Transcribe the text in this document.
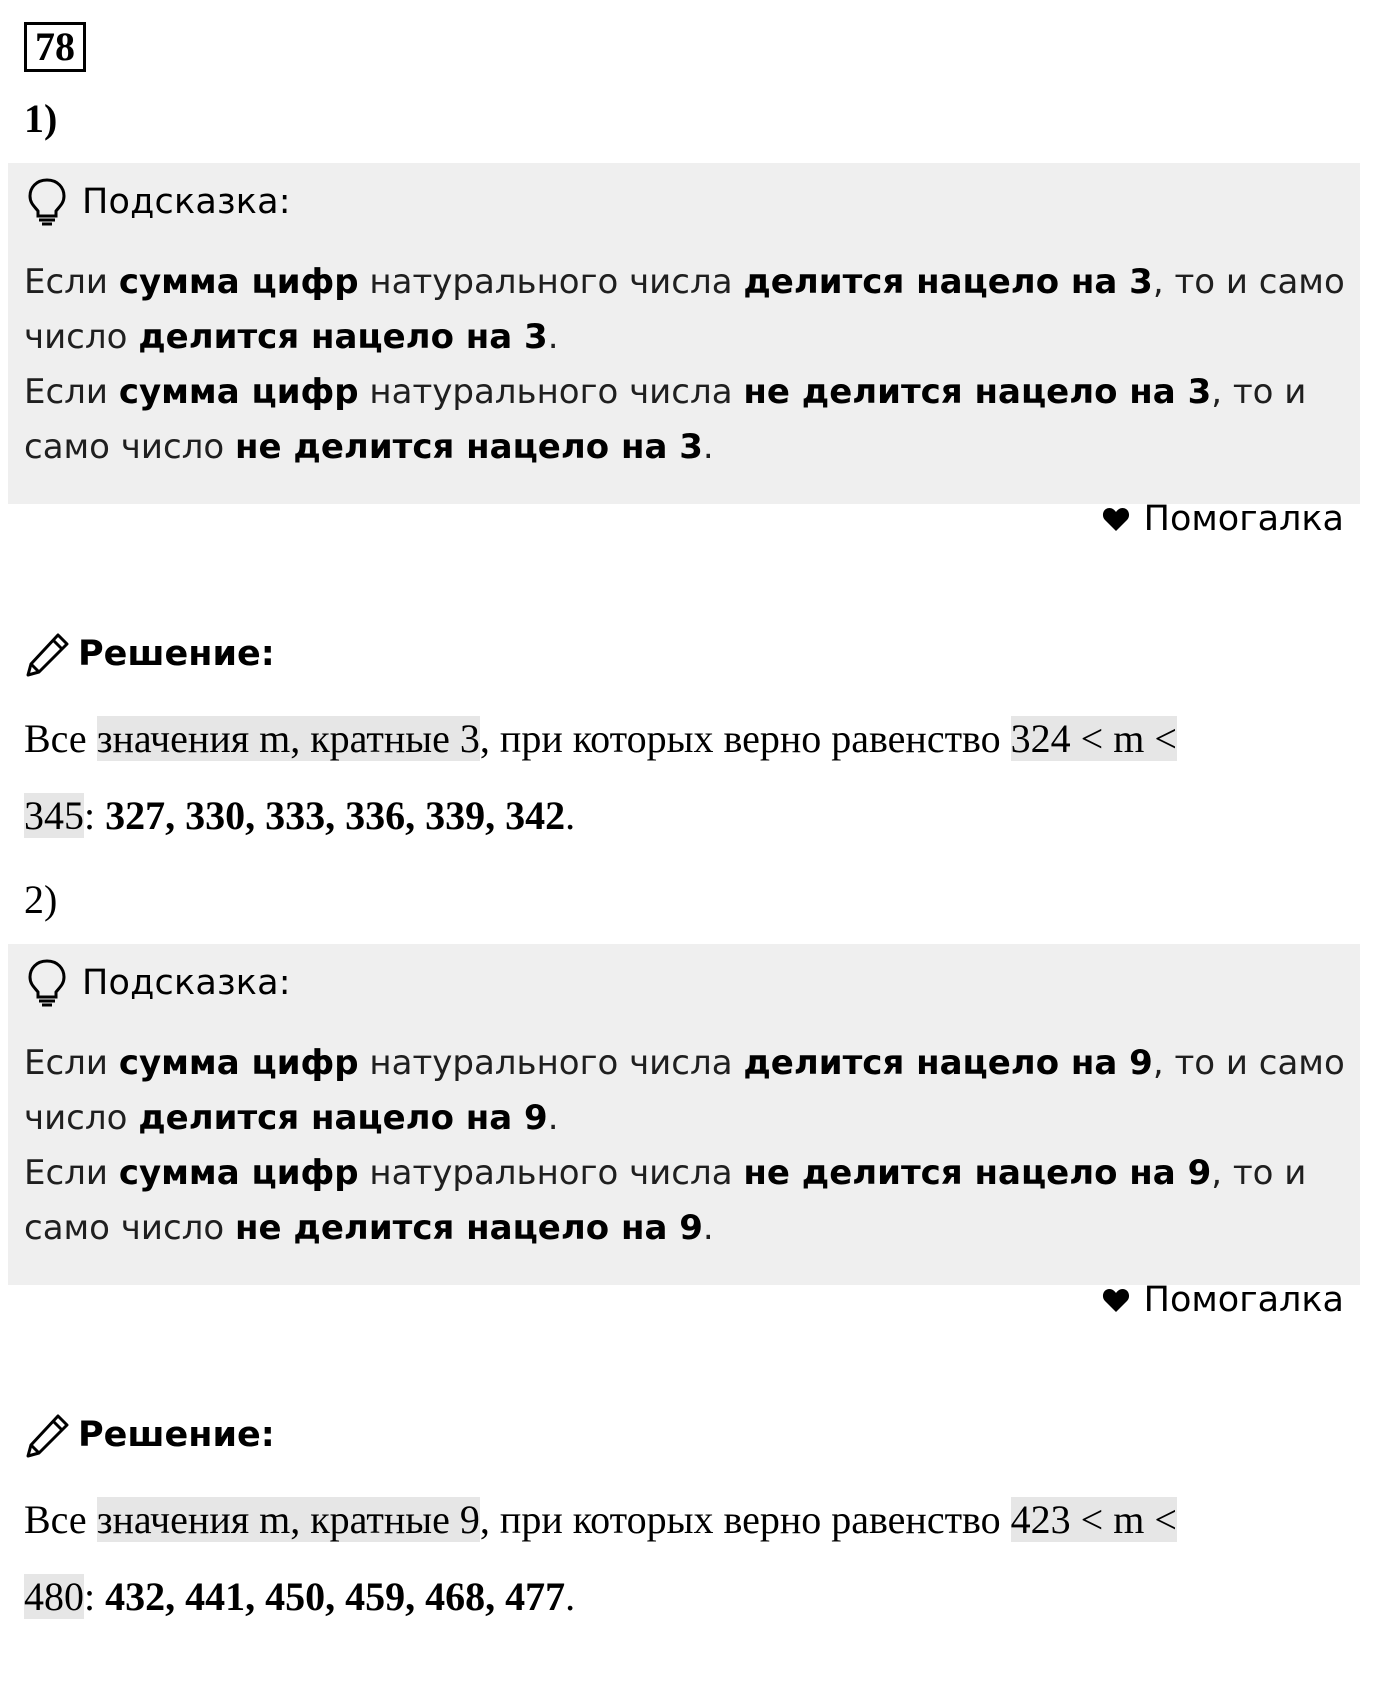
78
1)
Подсказка:
Если сумма цифр натурального числа делится нацело на 3, то и само
число делится нацело на 3.
Если сумма цифр натурального числа не делится нацело на 3, то и
само число не делится нацело на 3.
Помогалка
Решение:
Все значения m, кратные 3, при которых верно равенство 324 < m <
345: 327, 330, 333, 336, 339, 342.
2)
Подсказка:
Если сумма цифр натурального числа делится нацело на 9, то и само
число делится нацело на 9.
Если сумма цифр натурального числа не делится нацело на 9, то и
само число не делится нацело на 9.
Помогалка
Решение:
Все значения m, кратные 9, при которых верно равенство 423 < m <
480: 432, 441, 450, 459, 468, 477.
